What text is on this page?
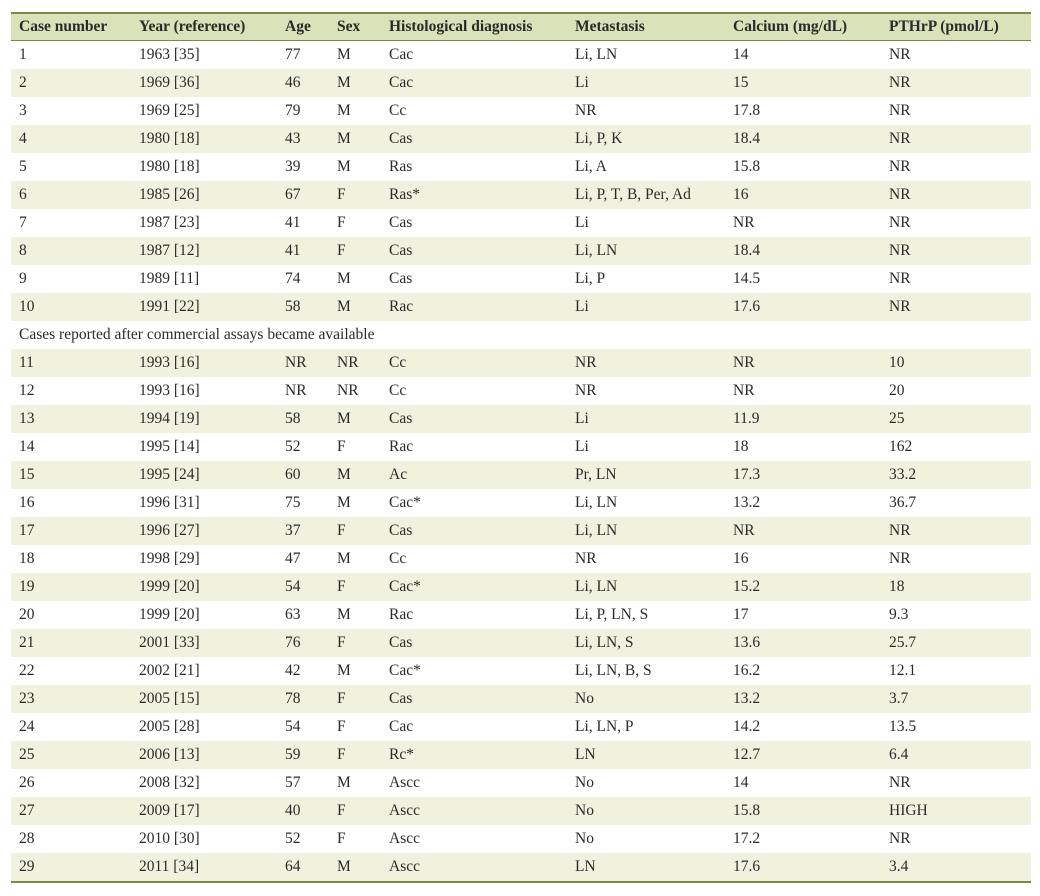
Case number	Year (reference)	Age	Sex	Histological diagnosis	Metastasis	Calcium (mg/dL)	PTHrP (pmol/L)
1	1963 [35]	77	M	Cac	Li, LN	14	NR
2	1969 [36]	46	M	Cac	Li	15	NR
3	1969 [25]	79	M	Cc	NR	17.8	NR
4	1980 [18]	43	M	Cas	Li, P, K	18.4	NR
5	1980 [18]	39	M	Ras	Li, A	15.8	NR
6	1985 [26]	67	F	Ras*	Li, P, T, B, Per, Ad	16	NR
7	1987 [23]	41	F	Cas	Li	NR	NR
8	1987 [12]	41	F	Cas	Li, LN	18.4	NR
9	1989 [11]	74	M	Cas	Li, P	14.5	NR
10	1991 [22]	58	M	Rac	Li	17.6	NR
Cases reported after commercial assays became available							
11	1993 [16]	NR	NR	Cc	NR	NR	10
12	1993 [16]	NR	NR	Cc	NR	NR	20
13	1994 [19]	58	M	Cas	Li	11.9	25
14	1995 [14]	52	F	Rac	Li	18	162
15	1995 [24]	60	M	Ac	Pr, LN	17.3	33.2
16	1996 [31]	75	M	Cac*	Li, LN	13.2	36.7
17	1996 [27]	37	F	Cas	Li, LN	NR	NR
18	1998 [29]	47	M	Cc	NR	16	NR
19	1999 [20]	54	F	Cac*	Li, LN	15.2	18
20	1999 [20]	63	M	Rac	Li, P, LN, S	17	9.3
21	2001 [33]	76	F	Cas	Li, LN, S	13.6	25.7
22	2002 [21]	42	M	Cac*	Li, LN, B, S	16.2	12.1
23	2005 [15]	78	F	Cas	No	13.2	3.7
24	2005 [28]	54	F	Cac	Li, LN, P	14.2	13.5
25	2006 [13]	59	F	Rc*	LN	12.7	6.4
26	2008 [32]	57	M	Ascc	No	14	NR
27	2009 [17]	40	F	Ascc	No	15.8	HIGH
28	2010 [30]	52	F	Ascc	No	17.2	NR
29	2011 [34]	64	M	Ascc	LN	17.6	3.4
